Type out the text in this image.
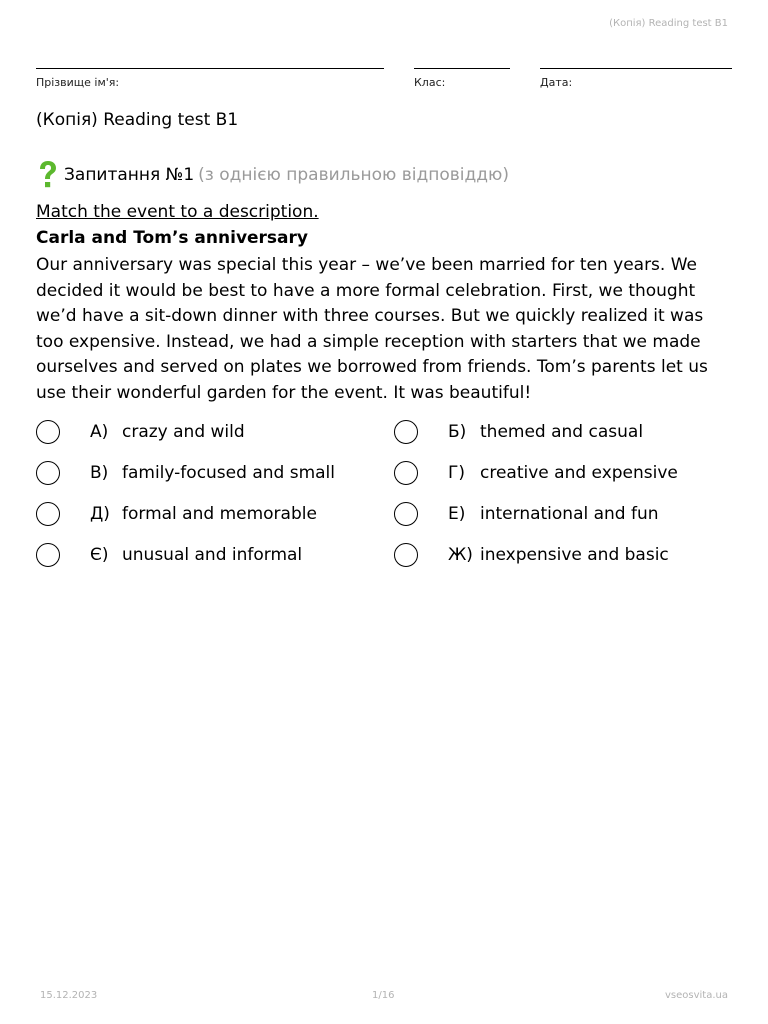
(Копія) Reading test B1
Прізвище ім'я:	Клас:	Дата:
(Копія) Reading test B1
Запитання №1 (з однією правильною відповіддю)
Match the event to a description.
Carla and Tom’s anniversary
Our anniversary was special this year – we’ve been married for ten years. We decided it would be best to have a more formal celebration. First, we thought we’d have a sit-down dinner with three courses. But we quickly realized it was too expensive. Instead, we had a simple reception with starters that we made ourselves and served on plates we borrowed from friends. Tom’s parents let us use their wonderful garden for the event. It was beautiful!
А) crazy and wild	Б) themed and casual
В) family-focused and small	Г) creative and expensive
Д) formal and memorable	Е) international and fun
Є) unusual and informal	Ж) inexpensive and basic
15.12.2023	1/16	vseosvita.ua
